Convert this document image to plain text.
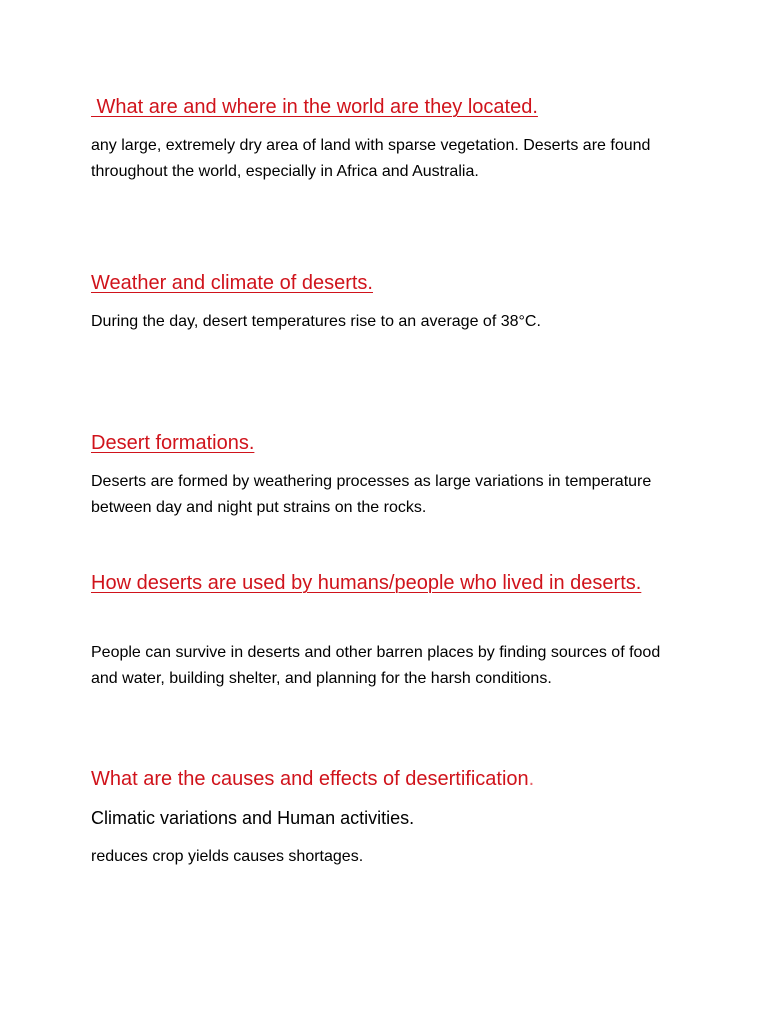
What are and where in the world are they located.

any large, extremely dry area of land with sparse vegetation. Deserts are found throughout the world, especially in Africa and Australia.

Weather and climate of deserts.

During the day, desert temperatures rise to an average of 38°C.

Desert formations.

Deserts are formed by weathering processes as large variations in temperature between day and night put strains on the rocks.

How deserts are used by humans/people who lived in deserts.

People can survive in deserts and other barren places by finding sources of food and water, building shelter, and planning for the harsh conditions.

What are the causes and effects of desertification.

Climatic variations and Human activities.

reduces crop yields causes shortages.
